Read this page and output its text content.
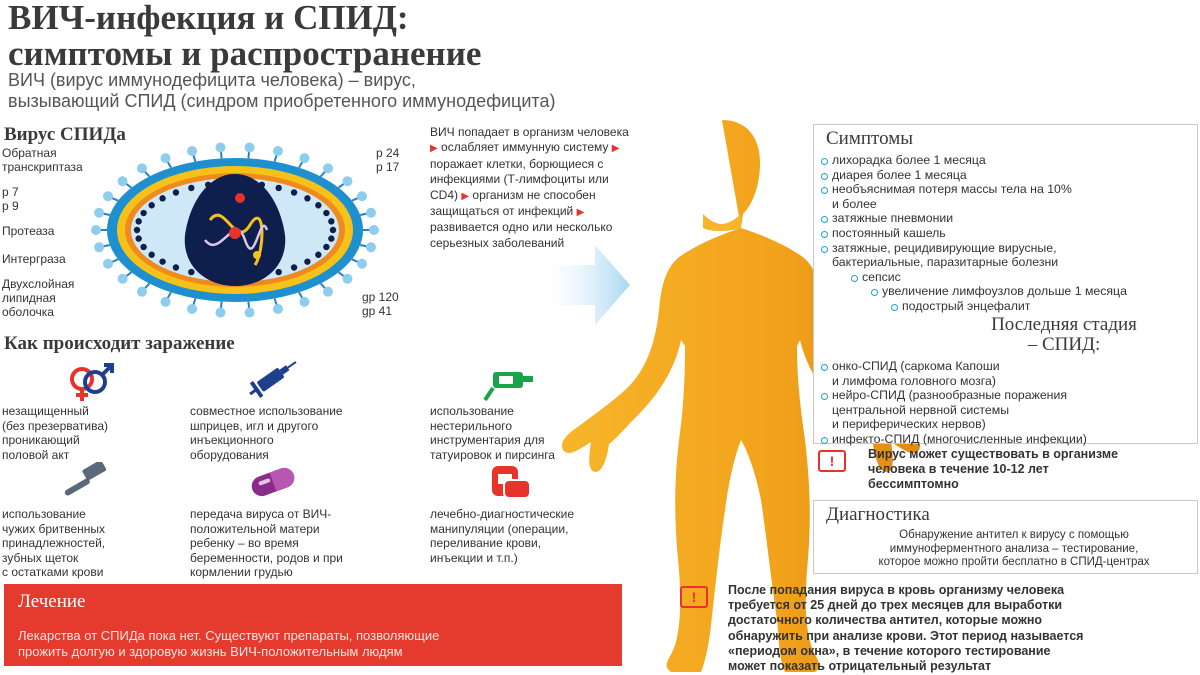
ВИЧ-инфекция и СПИД:
симптомы и распространение
ВИЧ (вирус иммунодефицита человека) – вирус,
вызывающий СПИД (синдром приобретенного иммунодефицита)
Вирус СПИДа
Обратная
транскриптаза
p 7
p 9
Протеаза
Интерграза
Двухслойная
липидная
оболочка
p 24
p 17
gp 120
gp 41
ВИЧ попадает в организм человека ▶ ослабляет иммунную систему ▶ поражает клетки, борющиеся с инфекциями (Т-лимфоциты или CD4) ▶ организм не способен защищаться от инфекций ▶ развивается одно или несколько серьезных заболеваний
Как происходит заражение
незащищенный
(без презерватива)
проникающий
половой акт
совместное использование
шприцев, игл и другого
инъекционного
оборудования
использование
нестерильного
инструментария для
татуировок и пирсинга
использование
чужих бритвенных
принадлежностей,
зубных щеток
с остатками крови
передача вируса от ВИЧ-
положительной матери
ребенку – во время
беременности, родов и при
кормлении грудью
лечебно-диагностические
манипуляции (операции,
переливание крови,
инъекции и т.п.)
Лечение
Лекарства от СПИДа пока нет. Существуют препараты, позволяющие
прожить долгую и здоровую жизнь ВИЧ-положительным людям
Симптомы
лихорадка более 1 месяца
диарея более 1 месяца
необъяснимая потеря массы тела на 10%
и более
затяжные пневмонии
постоянный кашель
затяжные, рецидивирующие вирусные,
бактериальные, паразитарные болезни
сепсис
увеличение лимфоузлов дольше 1 месяца
подострый энцефалит
Последняя стадия
– СПИД:
онко-СПИД (саркома Капоши
и лимфома головного мозга)
нейро-СПИД (разнообразные поражения
центральной нервной системы
и периферических нервов)
инфекто-СПИД (многочисленные инфекции)
!	Вирус может существовать в организме
человека в течение 10-12 лет
бессимптомно
Диагностика
Обнаружение антител к вирусу с помощью
иммуноферментного анализа – тестирование,
которое можно пройти бесплатно в СПИД-центрах
!	После попадания вируса в кровь организму человека
требуется от 25 дней до трех месяцев для выработки
достаточного количества антител, которые можно
обнаружить при анализе крови. Этот период называется
«периодом окна», в течение которого тестирование
может показать отрицательный результат
